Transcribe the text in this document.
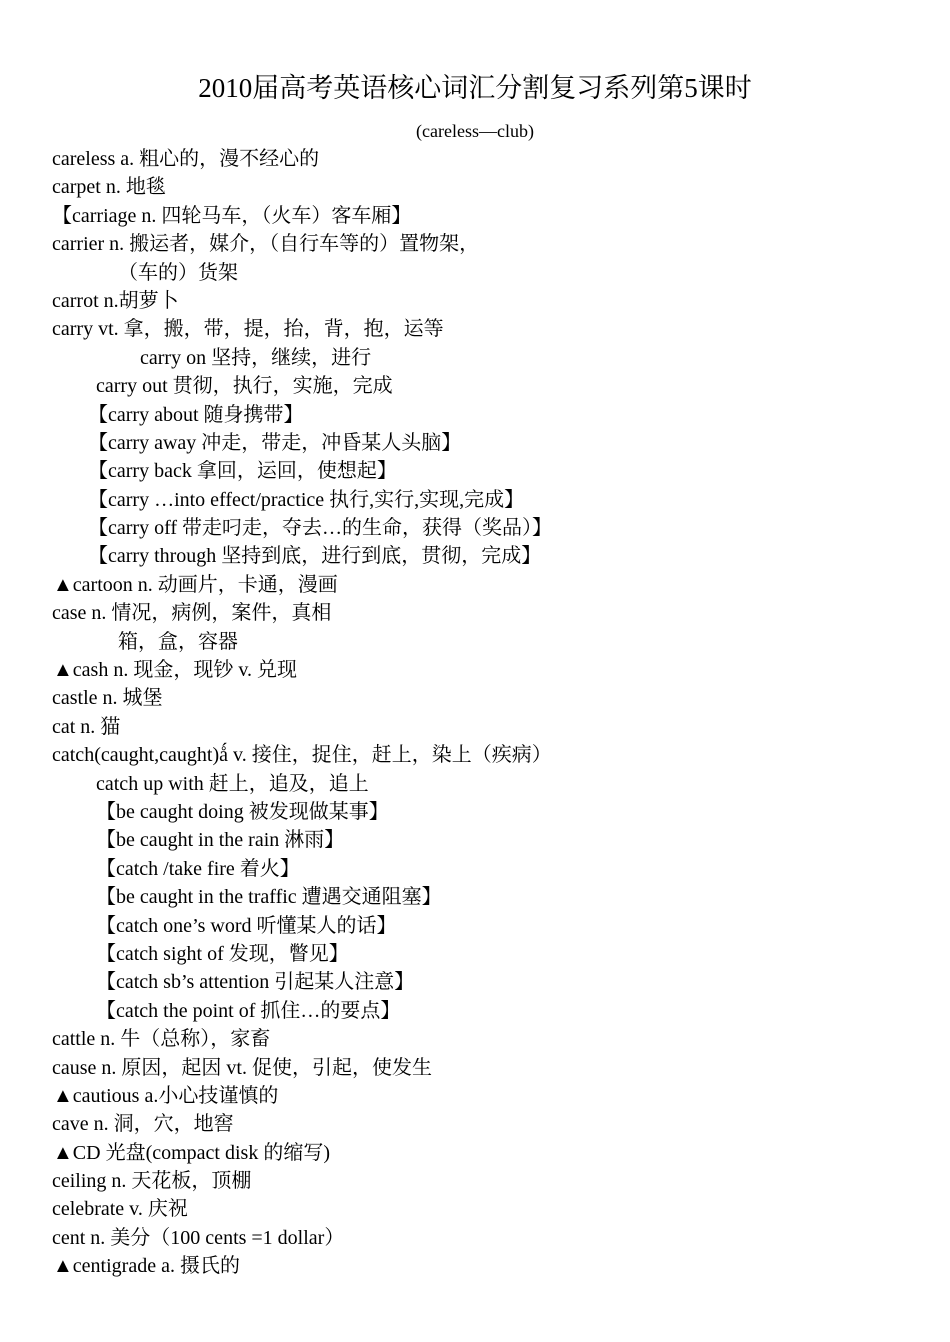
2010届高考英语核心词汇分割复习系列第5课时
(careless—club)
careless a. 粗心的，漫不经心的
carpet n. 地毯
【carriage n. 四轮马车，（火车）客车厢】
carrier n. 搬运者，媒介，（自行车等的）置物架，
（车的）货架
carrot n.胡萝卜
carry vt. 拿，搬，带，提，抬，背，抱，运等
carry on 坚持，继续，进行
carry out 贯彻，执行，实施，完成
【carry about 随身携带】
【carry away 冲走，带走，冲昏某人头脑】
【carry back 拿回，运回，使想起】
【carry …into effect/practice 执行,实行,实现,完成】
【carry off 带走叼走，夺去…的生命，获得（奖品）】
【carry through 坚持到底，进行到底，贯彻，完成】
▲cartoon n. 动画片，卡通，漫画
case n. 情况，病例，案件，真相
箱，盒，容器
▲cash n. 现金，现钞 v. 兑现
castle n. 城堡
cat n. 猫
catch(caught,caught)ǻ v. 接住，捉住，赶上，染上（疾病）
catch up with 赶上，追及，追上
【be caught doing 被发现做某事】
【be caught in the rain 淋雨】
【catch /take fire 着火】
【be caught in the traffic 遭遇交通阻塞】
【catch one’s word 听懂某人的话】
【catch sight of 发现，瞥见】
【catch sb’s attention 引起某人注意】
【catch the point of 抓住…的要点】
cattle n. 牛（总称），家畜
cause n. 原因，起因 vt. 促使，引起，使发生
▲cautious a.小心技谨慎的
cave n. 洞，穴，地窖
▲CD 光盘(compact disk 的缩写)
ceiling n. 天花板，顶棚
celebrate v. 庆祝
cent n. 美分（100 cents =1 dollar）
▲centigrade a. 摄氏的
